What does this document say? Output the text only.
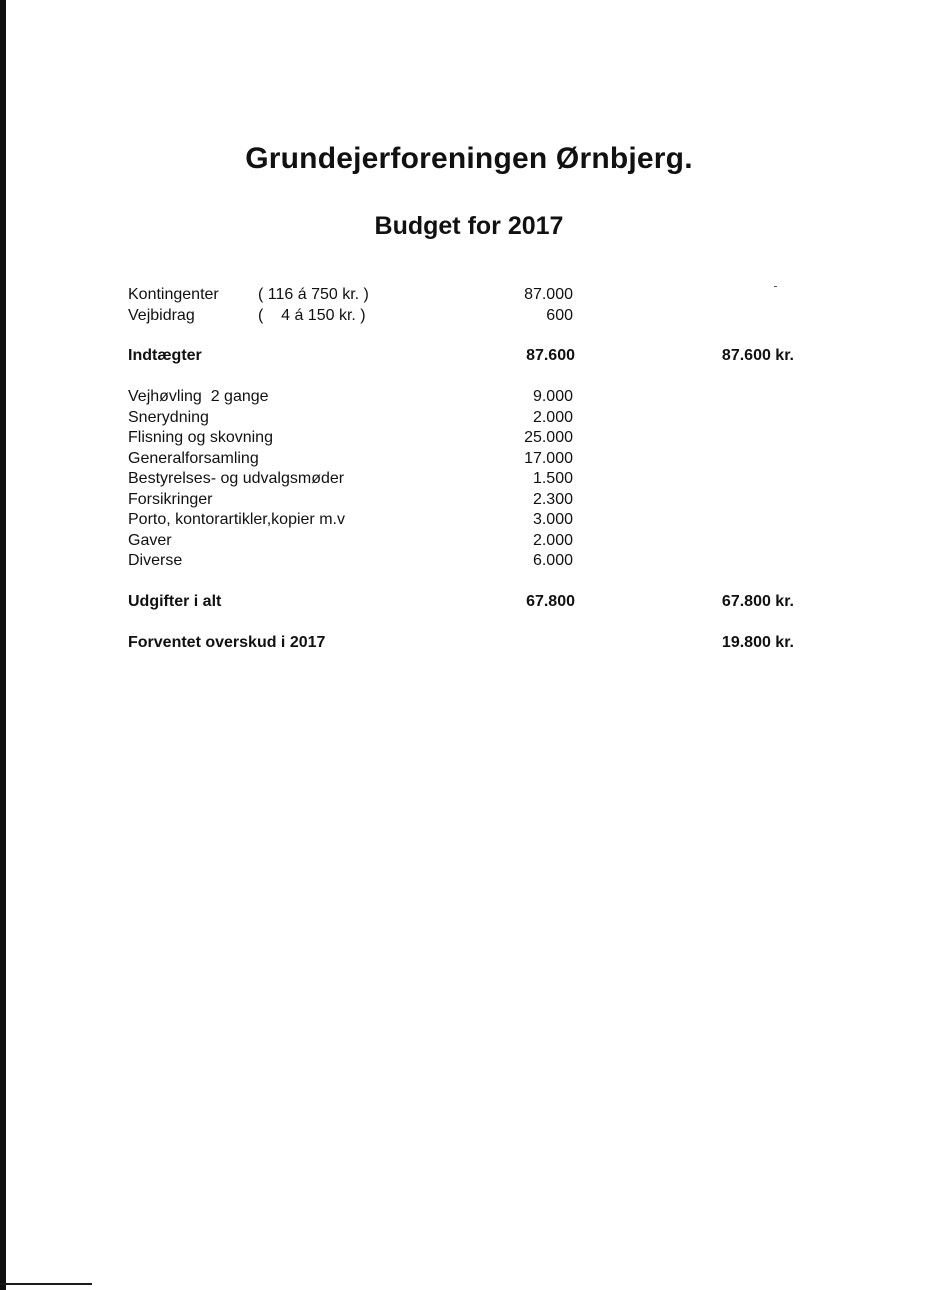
Grundejerforeningen Ørnbjerg.
Budget for 2017
Kontingenter ( 116 á 750 kr. )	87.000
Vejbidrag	(    4 á 150 kr. )	600
Indtægter	87.600	87.600 kr.
Vejhøvling  2 gange	9.000
Snerydning	2.000
Flisning og skovning	25.000
Generalforsamling	17.000
Bestyrelses- og udvalgsmøder	1.500
Forsikringer	2.300
Porto, kontorartikler,kopier m.v	3.000
Gaver	2.000
Diverse	6.000
Udgifter i alt	67.800	67.800 kr.
Forventet overskud i 2017	19.800 kr.
